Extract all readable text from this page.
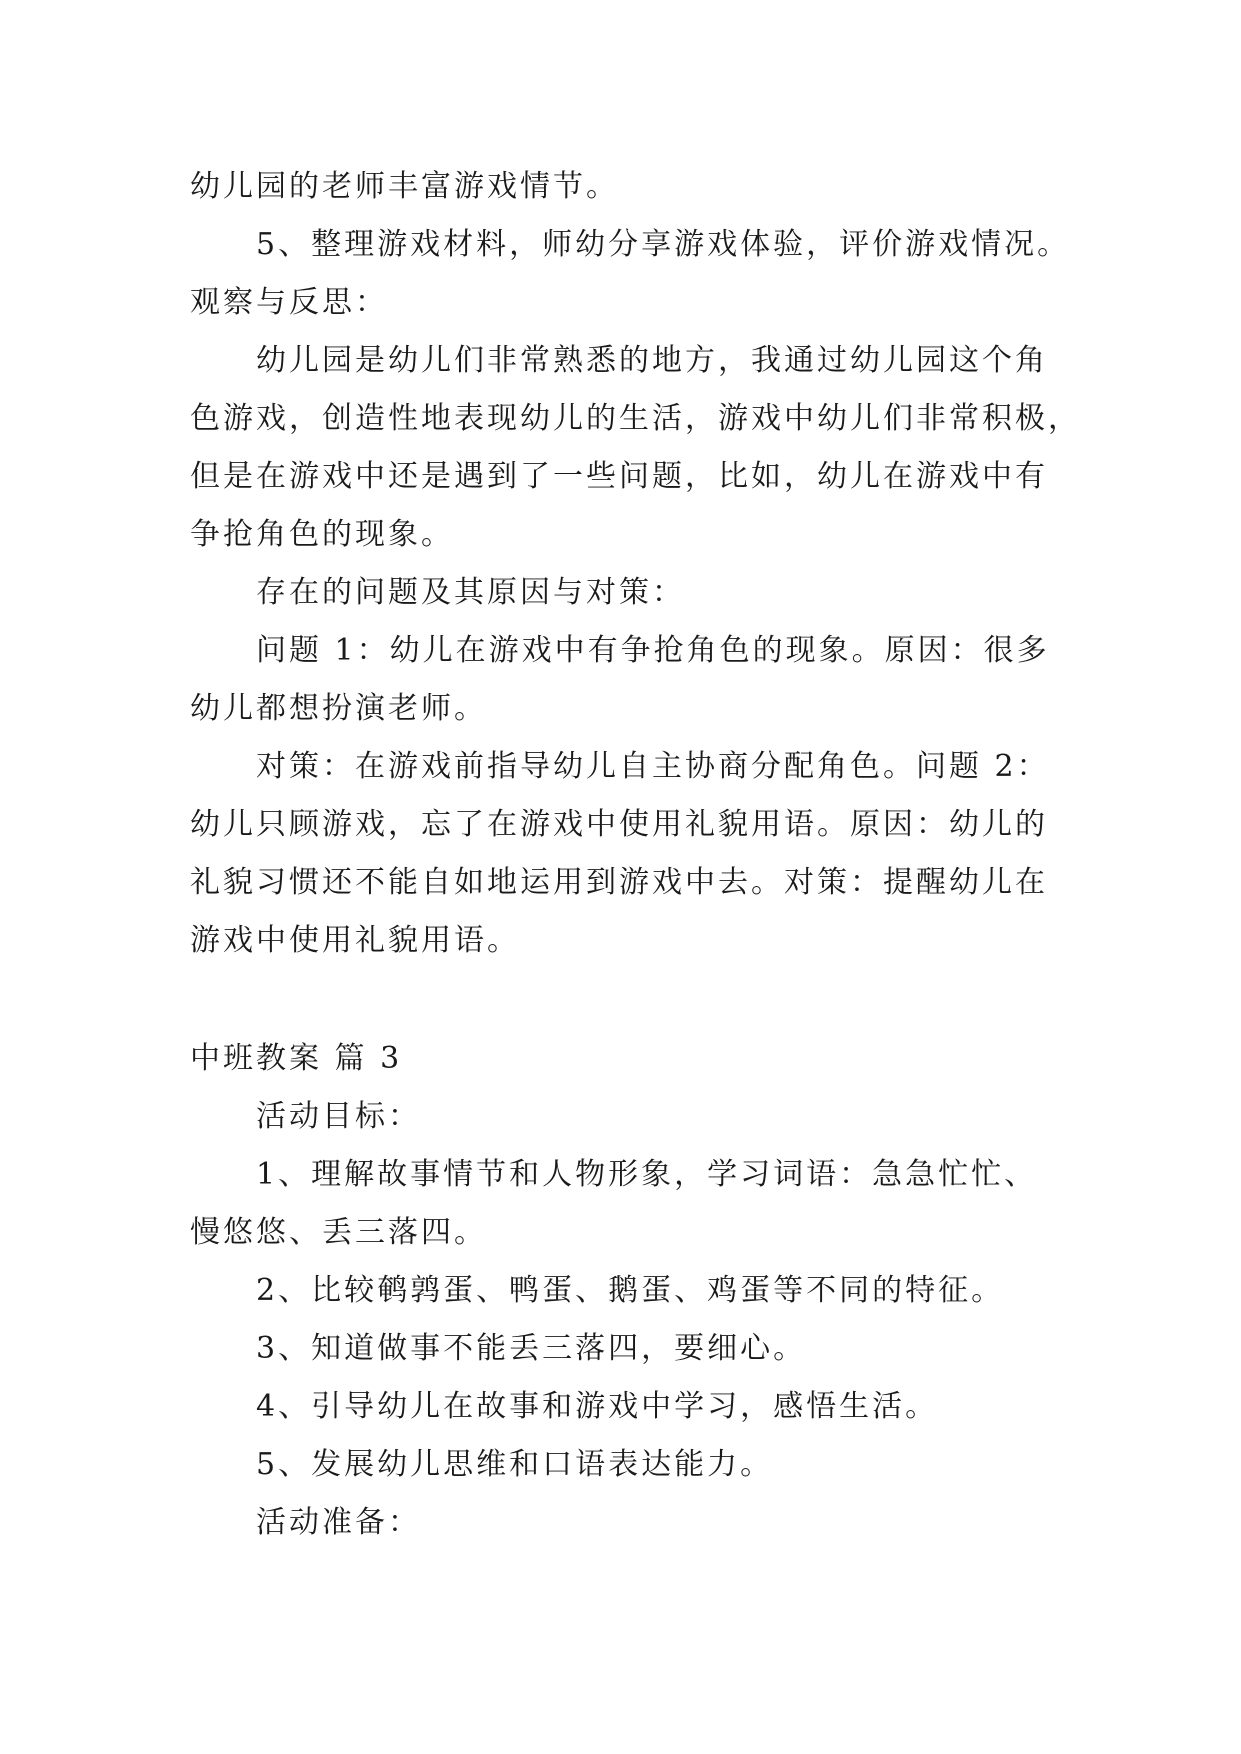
幼儿园的老师丰富游戏情节。
5、整理游戏材料，师幼分享游戏体验，评价游戏情况。
观察与反思：
幼儿园是幼儿们非常熟悉的地方，我通过幼儿园这个角
色游戏，创造性地表现幼儿的生活，游戏中幼儿们非常积极，
但是在游戏中还是遇到了一些问题，比如，幼儿在游戏中有
争抢角色的现象。
存在的问题及其原因与对策：
问题 1：幼儿在游戏中有争抢角色的现象。原因：很多
幼儿都想扮演老师。
对策：在游戏前指导幼儿自主协商分配角色。问题 2：
幼儿只顾游戏，忘了在游戏中使用礼貌用语。原因：幼儿的
礼貌习惯还不能自如地运用到游戏中去。对策：提醒幼儿在
游戏中使用礼貌用语。
中班教案 篇 3
活动目标：
1、理解故事情节和人物形象，学习词语：急急忙忙、
慢悠悠、丢三落四。
2、比较鹌鹑蛋、鸭蛋、鹅蛋、鸡蛋等不同的特征。
3、知道做事不能丢三落四，要细心。
4、引导幼儿在故事和游戏中学习，感悟生活。
5、发展幼儿思维和口语表达能力。
活动准备：
